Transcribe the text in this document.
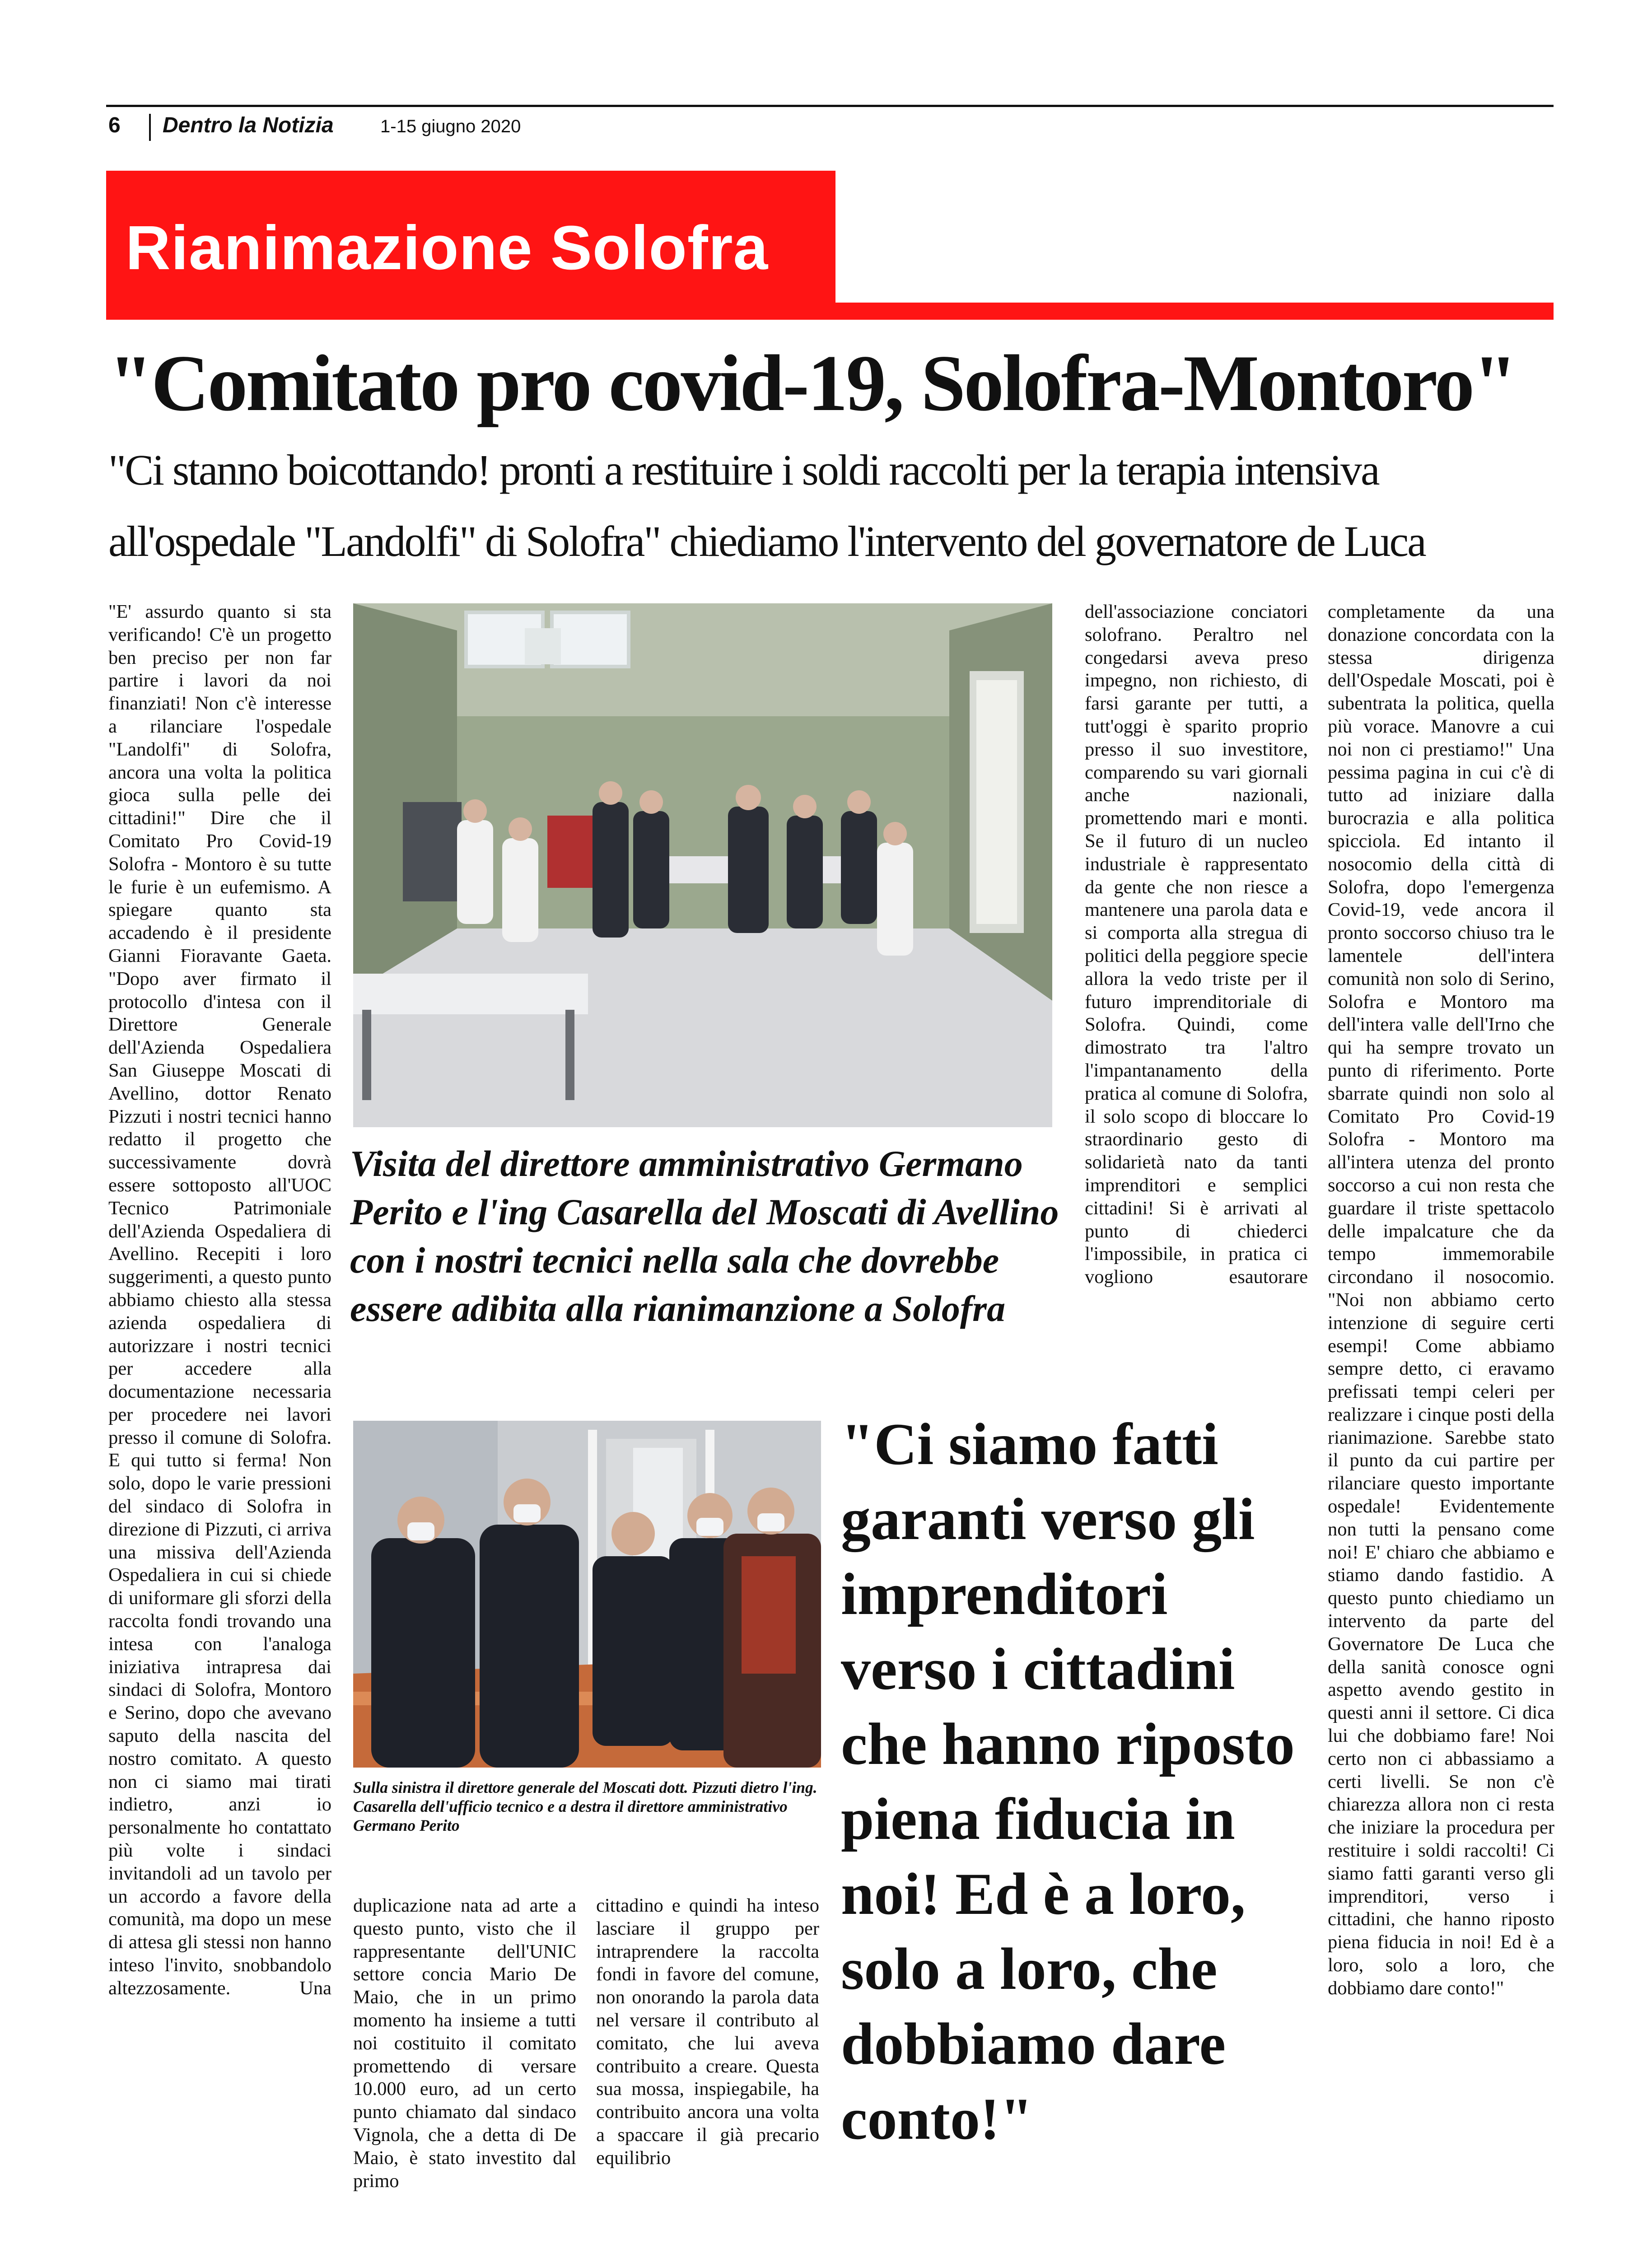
6 Dentro la Notizia	1-15 giugno 2020
Rianimazione Solofra
"Comitato pro covid-19, Solofra-Montoro"
"Ci stanno boicottando! pronti a restituire i soldi raccolti per la terapia intensiva all'ospedale "Landolfi" di Solofra" chiediamo l'intervento del governatore de Luca

"E' assurdo quanto si sta verificando! C'è un progetto ben preciso per non far partire i lavori da noi finanziati! Non c'è interesse a rilanciare l'ospedale "Landolfi" di Solofra, ancora una volta la politica gioca sulla pelle dei cittadini!" Dire che il Comitato Pro Covid-19 Solofra - Montoro è su tutte le furie è un eufemismo. A spiegare quanto sta accadendo è il presidente Gianni Fioravante Gaeta. "Dopo aver firmato il protocollo d'intesa con il Direttore Generale dell'Azienda Ospedaliera San Giuseppe Moscati di Avellino, dottor Renato Pizzuti i nostri tecnici hanno redatto il progetto che successivamente dovrà essere sottoposto all'UOC Tecnico Patrimoniale dell'Azienda Ospedaliera di Avellino. Recepiti i loro suggerimenti, a questo punto abbiamo chiesto alla stessa azienda ospedaliera di autorizzare i nostri tecnici per accedere alla documentazione necessaria per procedere nei lavori presso il comune di Solofra. E qui tutto si ferma! Non solo, dopo le varie pressioni del sindaco di Solofra in direzione di Pizzuti, ci arriva una missiva dell'Azienda Ospedaliera in cui si chiede di uniformare gli sforzi della raccolta fondi trovando una intesa con l'analoga iniziativa intrapresa dai sindaci di Solofra, Montoro e Serino, dopo che avevano saputo della nascita del nostro comitato. A questo non ci siamo mai tirati indietro, anzi io personalmente ho contattato più volte i sindaci invitandoli ad un tavolo per un accordo a favore della comunità, ma dopo un mese di attesa gli stessi non hanno inteso l'invito, snobbandolo altezzosamente. Una

Visita del direttore amministrativo Germano Perito e l'ing Casarella del Moscati di Avellino con i nostri tecnici nella sala che dovrebbe essere adibita alla rianimanzione a Solofra
Sulla sinistra il direttore generale del Moscati dott. Pizzuti dietro l'ing. Casarella dell'ufficio tecnico e a destra il direttore amministrativo Germano Perito

duplicazione nata ad arte a questo punto, visto che il rappresentante dell'UNIC settore concia Mario De Maio, che in un primo momento ha insieme a tutti noi costituito il comitato promettendo di versare 10.000 euro, ad un certo punto chiamato dal sindaco Vignola, che a detta di De Maio, è stato investito dal primo

cittadino e quindi ha inteso lasciare il gruppo per intraprendere la raccolta fondi in favore del comune, non onorando la parola data nel versare il contributo al comitato, che lui aveva contribuito a creare. Questa sua mossa, inspiegabile, ha contribuito ancora una volta a spaccare il già precario equilibrio

"Ci siamo fatti garanti verso gli imprenditori verso i cittadini che hanno riposto piena fiducia in noi! Ed è a loro, solo a loro, che dobbiamo dare conto!"

dell'associazione conciatori solofrano. Peraltro nel congedarsi aveva preso impegno, non richiesto, di farsi garante per tutti, a tutt'oggi è sparito proprio presso il suo investitore, comparendo su vari giornali anche nazionali, promettendo mari e monti. Se il futuro di un nucleo industriale è rappresentato da gente che non riesce a mantenere una parola data e si comporta alla stregua di politici della peggiore specie allora la vedo triste per il futuro imprenditoriale di Solofra. Quindi, come dimostrato tra l'altro l'impantanamento della pratica al comune di Solofra, il solo scopo di bloccare lo straordinario gesto di solidarietà nato da tanti imprenditori e semplici cittadini! Si è arrivati al punto di chiederci l'impossibile, in pratica ci vogliono esautorare

completamente da una donazione concordata con la stessa dirigenza dell'Ospedale Moscati, poi è subentrata la politica, quella più vorace. Manovre a cui noi non ci prestiamo!" Una pessima pagina in cui c'è di tutto ad iniziare dalla burocrazia e alla politica spicciola. Ed intanto il nosocomio della città di Solofra, dopo l'emergenza Covid-19, vede ancora il pronto soccorso chiuso tra le lamentele dell'intera comunità non solo di Serino, Solofra e Montoro ma dell'intera valle dell'Irno che qui ha sempre trovato un punto di riferimento. Porte sbarrate quindi non solo al Comitato Pro Covid-19 Solofra - Montoro ma all'intera utenza del pronto soccorso a cui non resta che guardare il triste spettacolo delle impalcature che da tempo immemorabile circondano il nosocomio. "Noi non abbiamo certo intenzione di seguire certi esempi! Come abbiamo sempre detto, ci eravamo prefissati tempi celeri per realizzare i cinque posti della rianimazione. Sarebbe stato il punto da cui partire per rilanciare questo importante ospedale! Evidentemente non tutti la pensano come noi! E' chiaro che abbiamo e stiamo dando fastidio. A questo punto chiediamo un intervento da parte del Governatore De Luca che della sanità conosce ogni aspetto avendo gestito in questi anni il settore. Ci dica lui che dobbiamo fare! Noi certo non ci abbassiamo a certi livelli. Se non c'è chiarezza allora non ci resta che iniziare la procedura per restituire i soldi raccolti! Ci siamo fatti garanti verso gli imprenditori, verso i cittadini, che hanno riposto piena fiducia in noi! Ed è a loro, solo a loro, che dobbiamo dare conto!"
